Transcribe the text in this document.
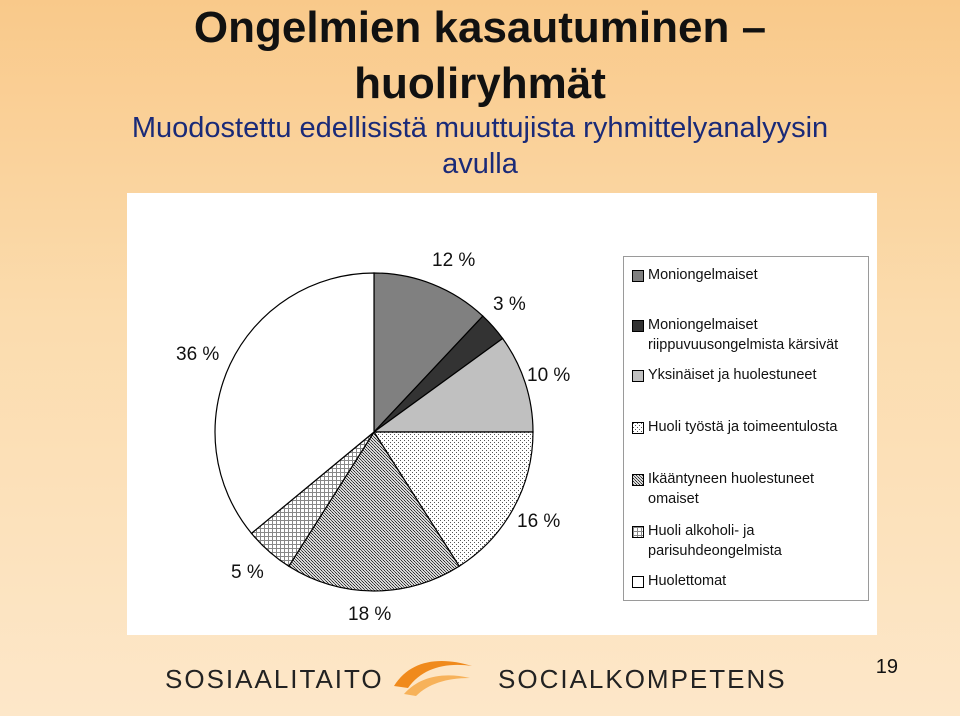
Ongelmien kasautuminen –
huoliryhmät
Muodostettu edellisistä muuttujista ryhmittelyanalyysin
avulla
12 %
3 %
10 %
16 %
18 %
5 %
36 %
Moniongelmaiset
Moniongelmaiset
riippuvuusongelmista kärsivät
Yksinäiset ja huolestuneet
Huoli työstä ja toimeentulosta
Ikääntyneen huolestuneet
omaiset
Huoli alkoholi- ja
parisuhdeongelmista
Huolettomat
SOSIAALITAITO	SOCIALKOMPETENS	19
